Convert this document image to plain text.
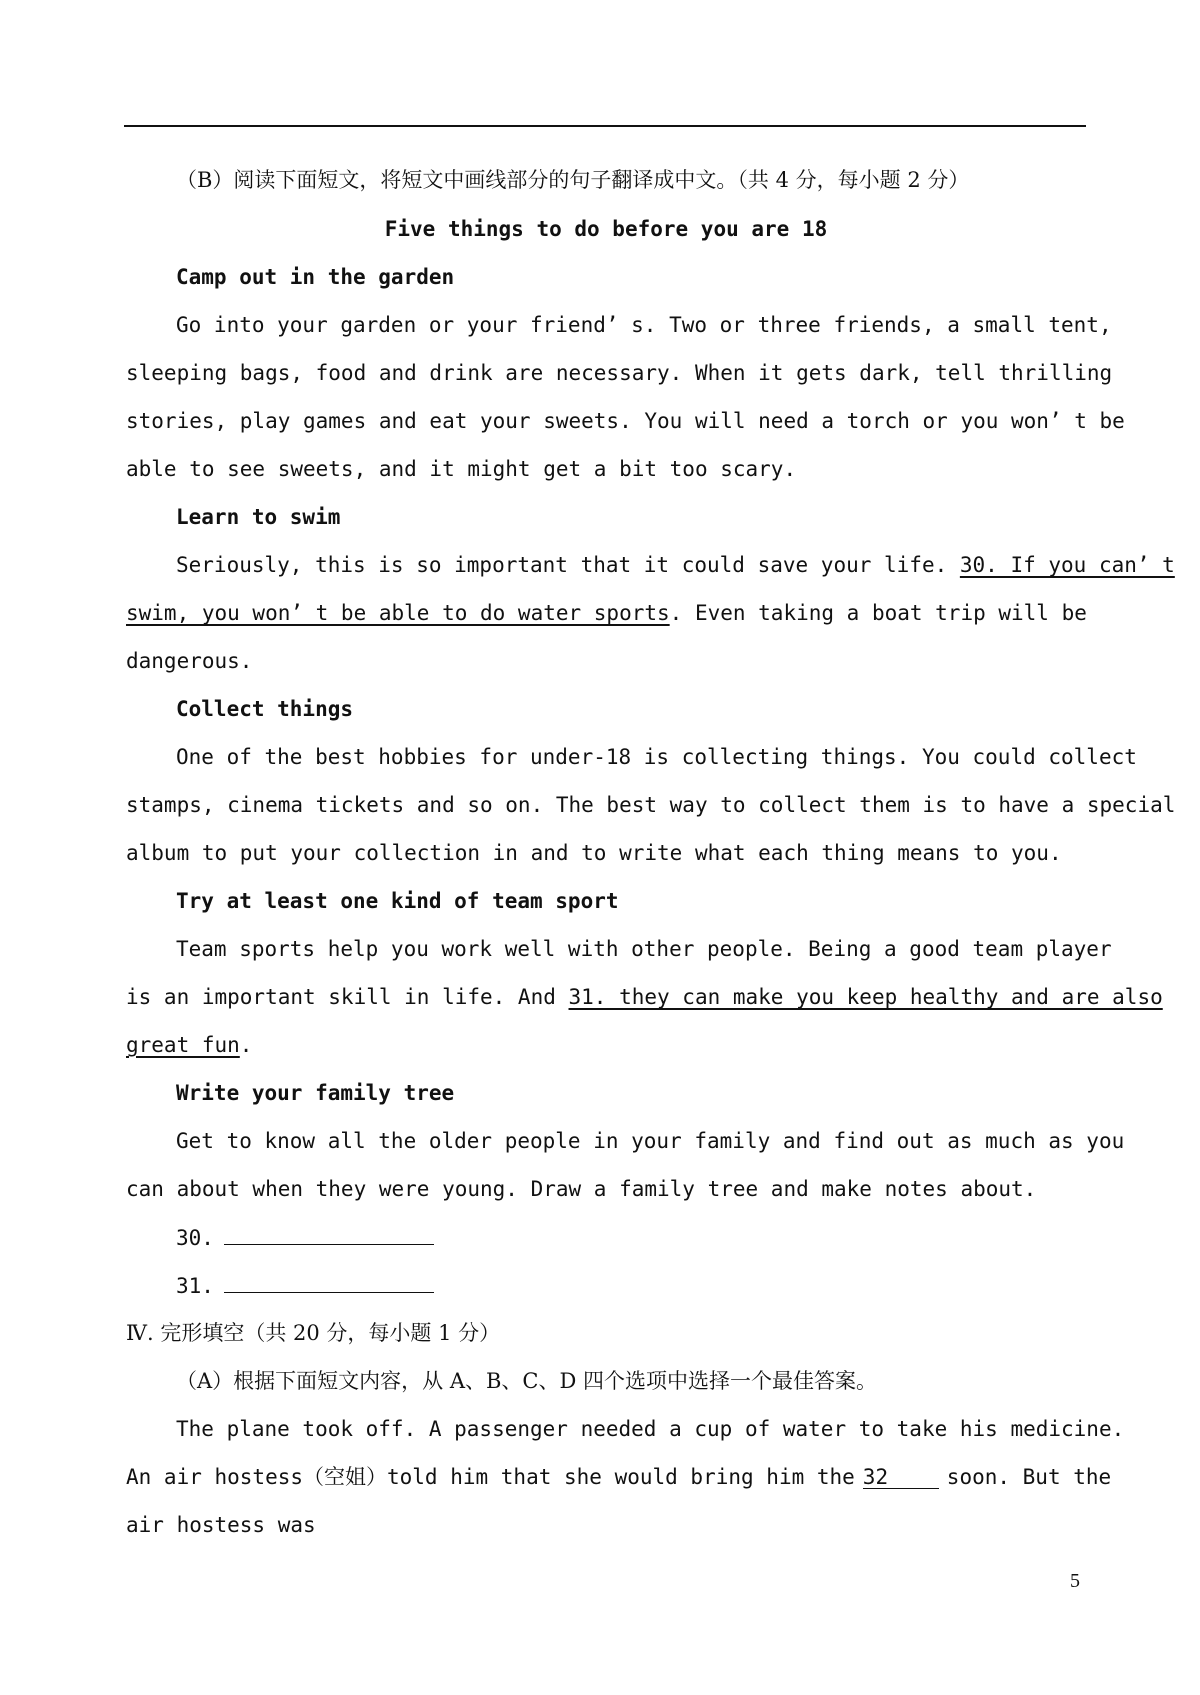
（B）阅读下面短文，将短文中画线部分的句子翻译成中文。（共 4 分，每小题 2 分）
Five things to do before you are 18
Camp out in the garden
Go into your garden or your friend’ s. Two or three friends, a small tent,
sleeping bags, food and drink are necessary. When it gets dark, tell thrilling
stories, play games and eat your sweets. You will need a torch or you won’ t be
able to see sweets, and it might get a bit too scary.
Learn to swim
Seriously, this is so important that it could save your life. 30. If you can’ t
swim, you won’ t be able to do water sports. Even taking a boat trip will be
dangerous.
Collect things
One of the best hobbies for under-18 is collecting things. You could collect
stamps, cinema tickets and so on. The best way to collect them is to have a special
album to put your collection in and to write what each thing means to you.
Try at least one kind of team sport
Team sports help you work well with other people. Being a good team player
is an important skill in life. And 31. they can make you keep healthy and are also
great fun.
Write your family tree
Get to know all the older people in your family and find out as much as you
can about when they were young. Draw a family tree and make notes about.
30.
31.
Ⅳ. 完形填空（共 20 分，每小题 1 分）
（A）根据下面短文内容，从 A、B、C、D 四个选项中选择一个最佳答案。
The plane took off. A passenger needed a cup of water to take his medicine.
An air hostess（空姐）told him that she would bring him the 32	soon. But the
air hostess was
5
